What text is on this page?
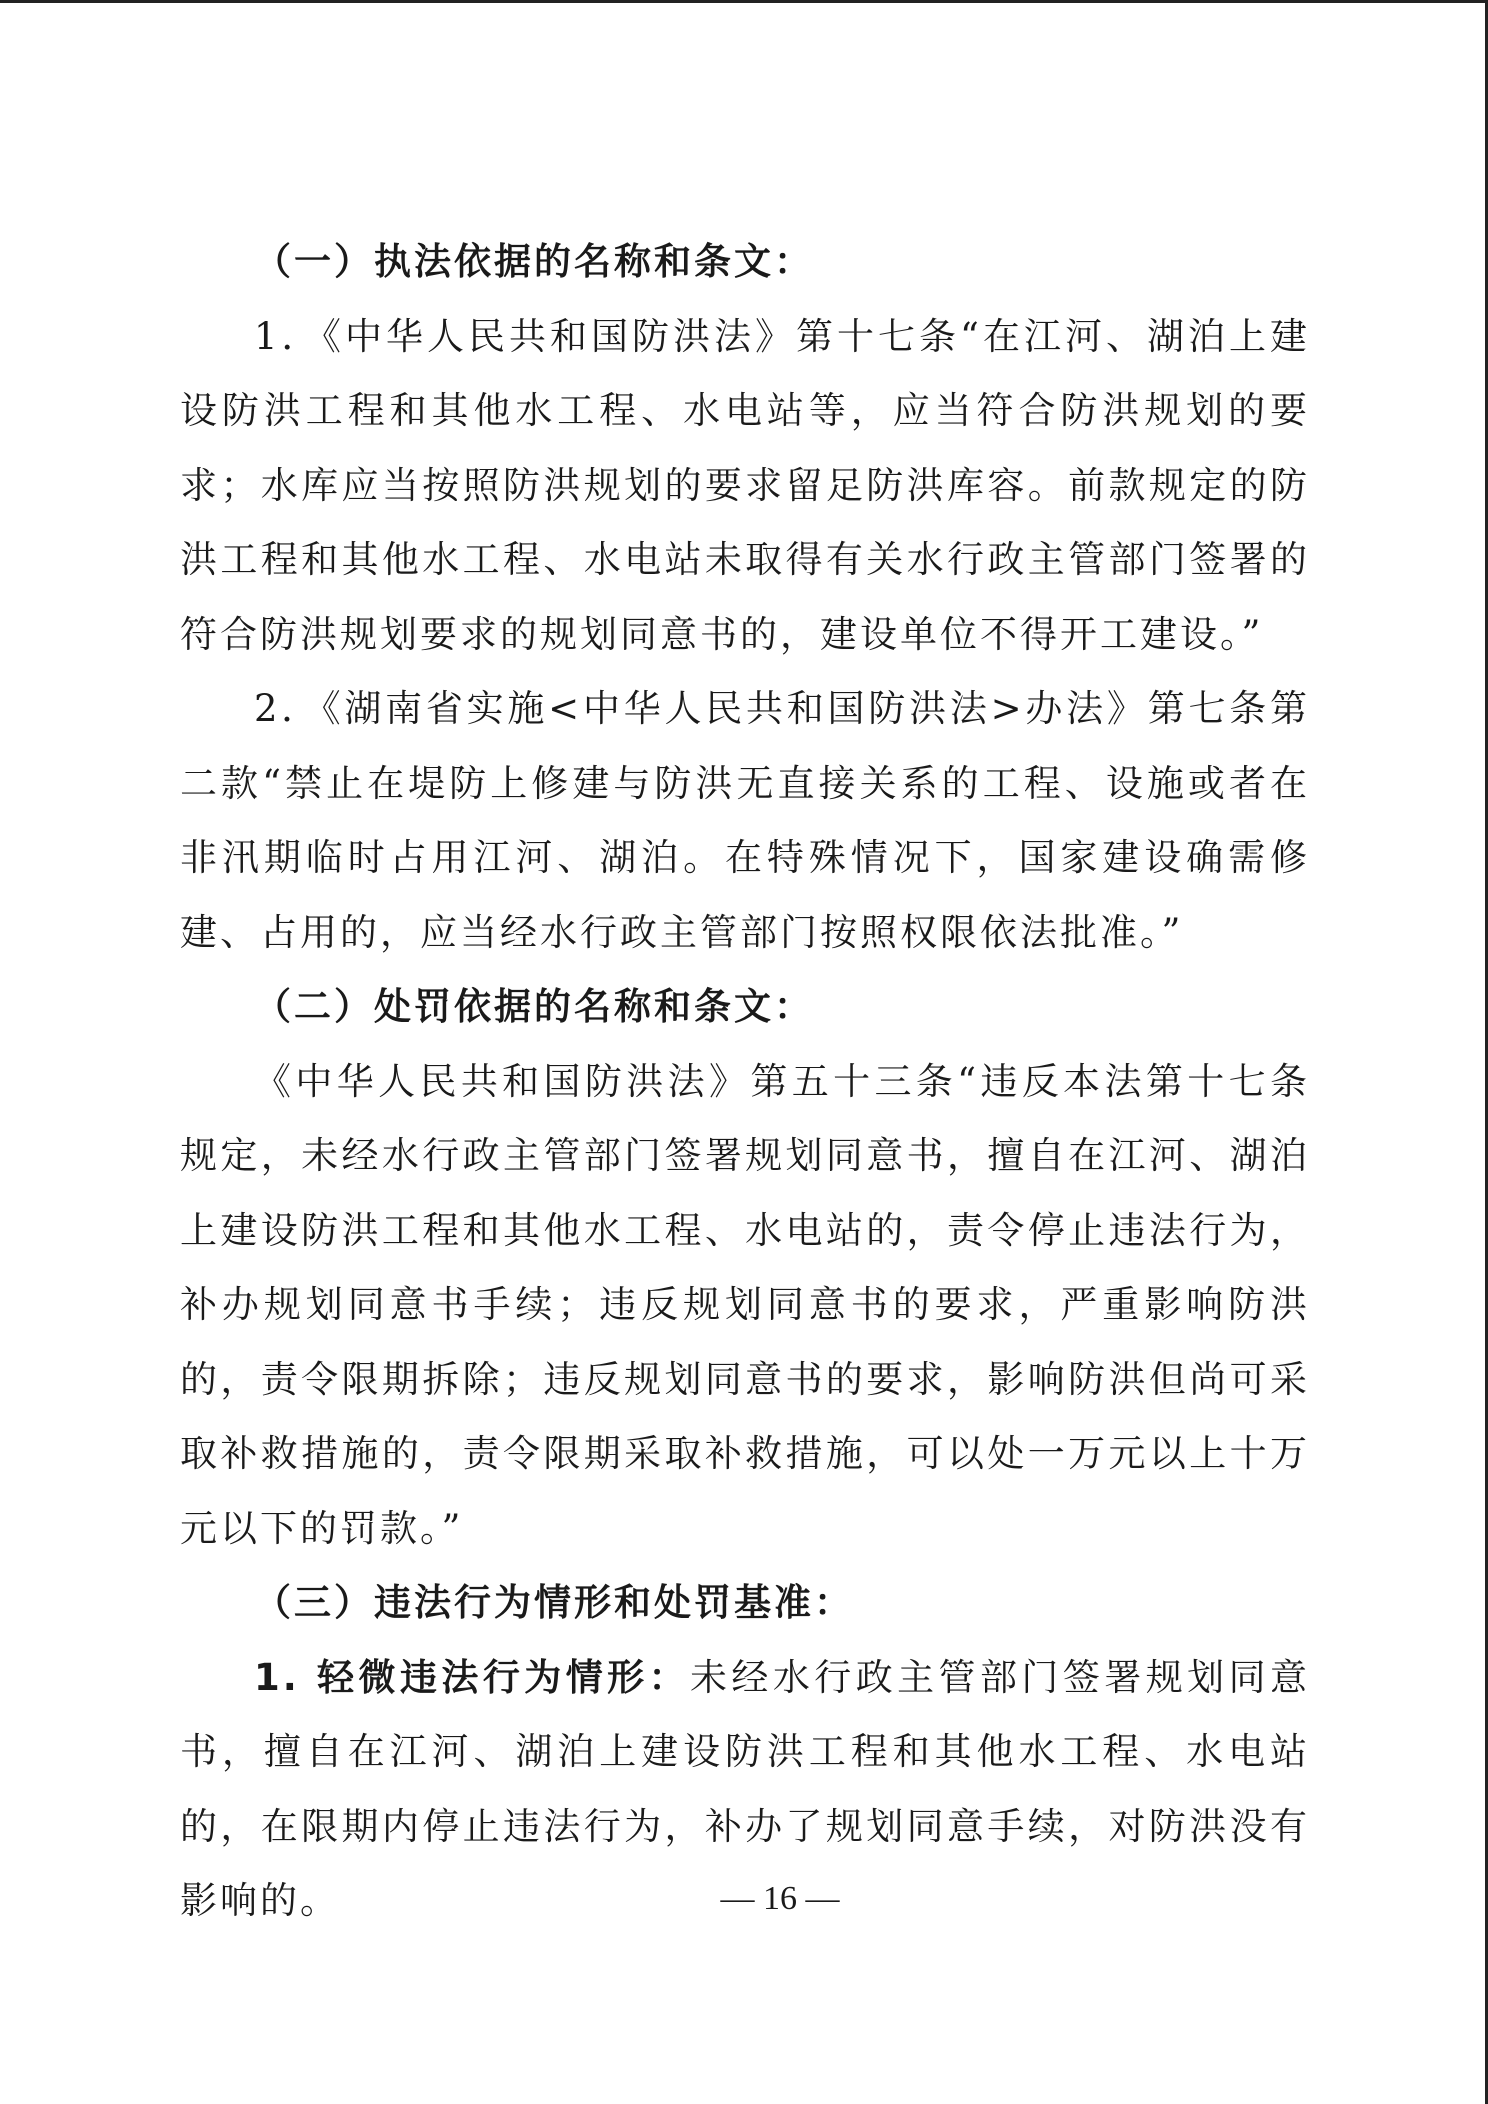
（一）执法依据的名称和条文：

1．《中华人民共和国防洪法》第十七条“在江河、湖泊上建设防洪工程和其他水工程、水电站等，应当符合防洪规划的要求；水库应当按照防洪规划的要求留足防洪库容。前款规定的防洪工程和其他水工程、水电站未取得有关水行政主管部门签署的符合防洪规划要求的规划同意书的，建设单位不得开工建设。”

2．《湖南省实施<中华人民共和国防洪法>办法》第七条第二款“禁止在堤防上修建与防洪无直接关系的工程、设施或者在非汛期临时占用江河、湖泊。在特殊情况下，国家建设确需修建、占用的，应当经水行政主管部门按照权限依法批准。”

（二）处罚依据的名称和条文：

《中华人民共和国防洪法》第五十三条“违反本法第十七条规定，未经水行政主管部门签署规划同意书，擅自在江河、湖泊上建设防洪工程和其他水工程、水电站的，责令停止违法行为，补办规划同意书手续；违反规划同意书的要求，严重影响防洪的，责令限期拆除；违反规划同意书的要求，影响防洪但尚可采取补救措施的，责令限期采取补救措施，可以处一万元以上十万元以下的罚款。”

（三）违法行为情形和处罚基准：

1. 轻微违法行为情形：未经水行政主管部门签署规划同意书，擅自在江河、湖泊上建设防洪工程和其他水工程、水电站的，在限期内停止违法行为，补办了规划同意手续，对防洪没有影响的。	— 16 —
